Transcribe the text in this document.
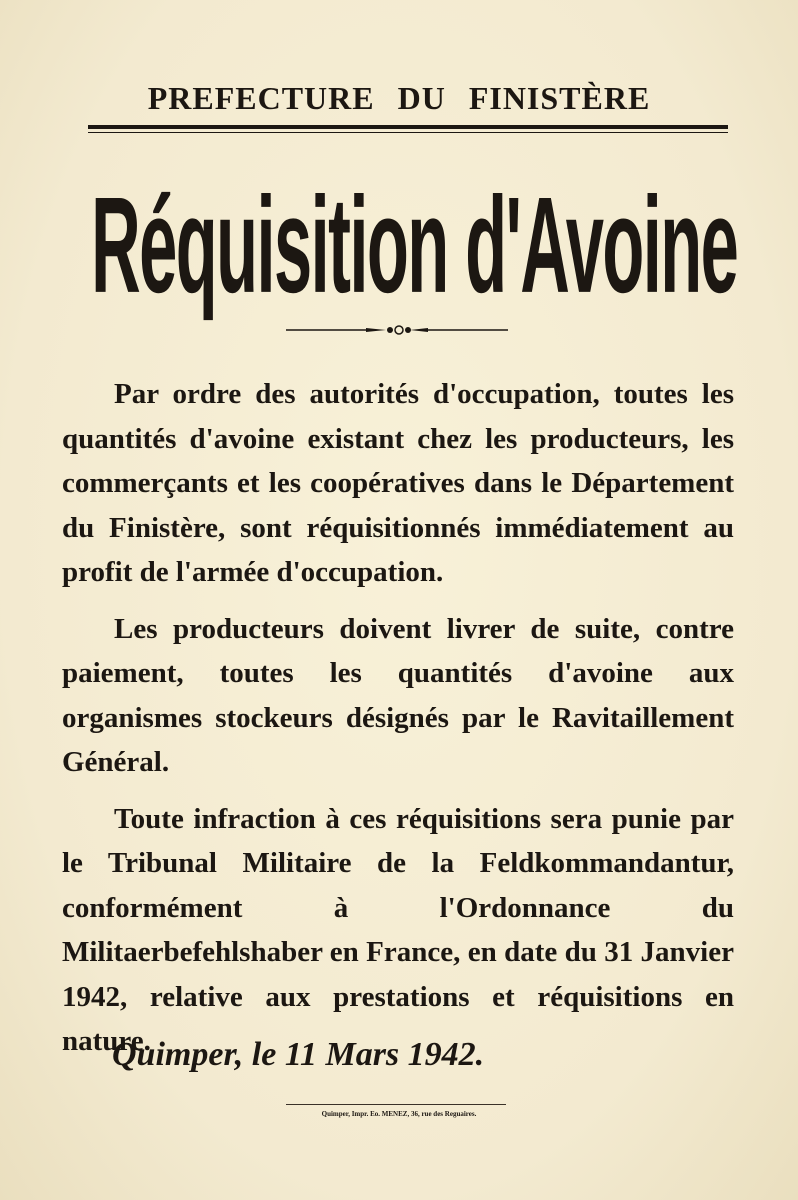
PREFECTURE DU FINISTÈRE
Réquisition d'Avoine

Par ordre des autorités d'occupation, toutes les quantités d'avoine existant chez les producteurs, les commerçants et les coopératives dans le Département du Finistère, sont réquisitionnés immédiatement au profit de l'armée d'occupation.

Les producteurs doivent livrer de suite, contre paiement, toutes les quantités d'avoine aux organismes stockeurs désignés par le Ravitaillement Général.

Toute infraction à ces réquisitions sera punie par le Tribunal Militaire de la Feldkommandantur, conformément à l'Ordonnance du Militaerbefehlshaber en France, en date du 31 Janvier 1942, relative aux prestations et réquisitions en nature.

Quimper, le 11 Mars 1942.
Quimper, Impr. Eo. MENEZ, 36, rue des Reguaires.
